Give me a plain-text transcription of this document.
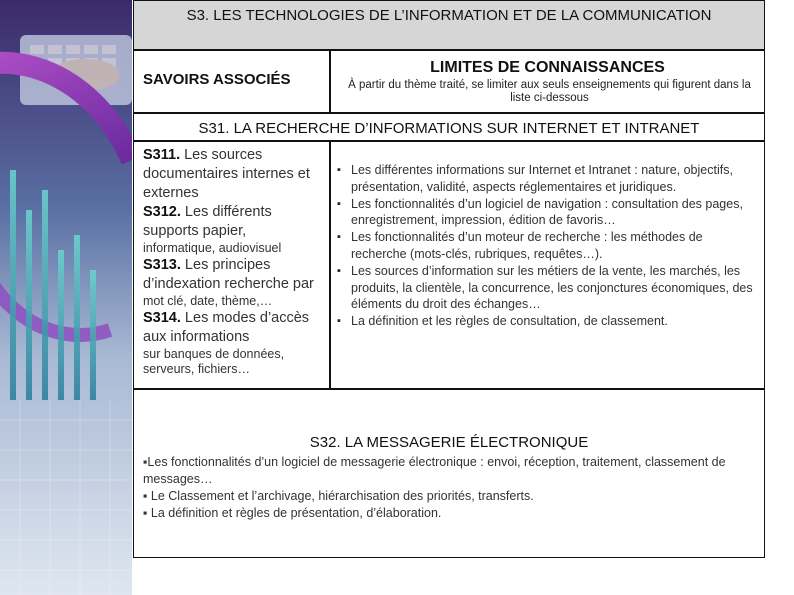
S3. LES TECHNOLOGIES DE L’INFORMATION ET DE LA COMMUNICATION
SAVOIRS ASSOCIÉS
LIMITES DE CONNAISSANCES
À partir du thème traité, se limiter aux seuls enseignements qui figurent dans la liste ci-dessous
S31. LA RECHERCHE D’INFORMATIONS SUR INTERNET ET INTRANET

S311. Les sources documentaires internes et externes

S312. Les différents supports papier,

informatique, audiovisuel

S313. Les principes d’indexation recherche par

mot clé, date, thème,…

S314. Les modes d’accès aux informations

sur banques de données, serveurs, fichiers…
▪ Les différentes informations sur Internet et Intranet : nature, objectifs, présentation, validité, aspects réglementaires et juridiques.
▪ Les fonctionnalités d’un logiciel de navigation : consultation des pages, enregistrement, impression, édition de favoris…
▪ Les fonctionnalités d’un moteur de recherche : les méthodes de recherche (mots-clés, rubriques, requêtes…).
▪ Les sources d’information sur les métiers de la vente, les marchés, les produits, la clientèle, la concurrence, les conjonctures économiques, des éléments du droit des échanges…
▪ La définition et les règles de consultation, de classement.
S32. LA MESSAGERIE ÉLECTRONIQUE

▪Les fonctionnalités d’un logiciel de messagerie électronique : envoi, réception, traitement, classement de messages…

▪ Le Classement et l’archivage, hiérarchisation des priorités, transferts.

▪ La définition et règles de présentation, d’élaboration.
